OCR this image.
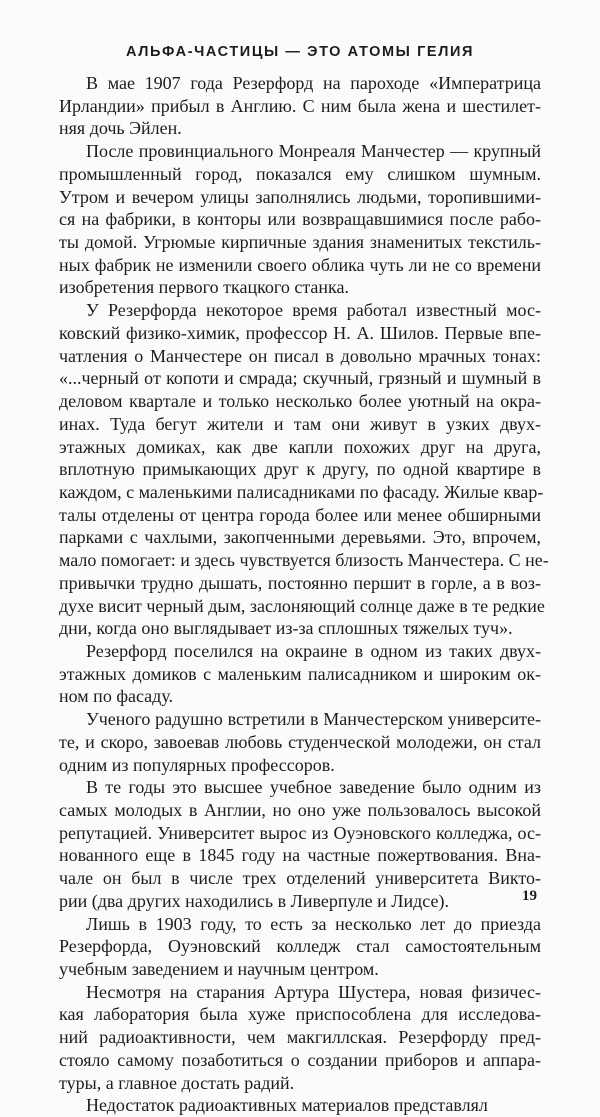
АЛЬФА-ЧАСТИЦЫ — ЭТО АТОМЫ ГЕЛИЯ
В мае 1907 года Резерфорд на пароходе «Императрица
Ирландии» прибыл в Англию. С ним была жена и шестилет-
няя дочь Эйлен.
После провинциального Монреаля Манчестер — крупный
промышленный город, показался ему слишком шумным.
Утром и вечером улицы заполнялись людьми, торопившими-
ся на фабрики, в конторы или возвращавшимися после рабо-
ты домой. Угрюмые кирпичные здания знаменитых текстиль-
ных фабрик не изменили своего облика чуть ли не со времени
изобретения первого ткацкого станка.
У Резерфорда некоторое время работал известный мос-
ковский физико-химик, профессор Н. А. Шилов. Первые впе-
чатления о Манчестере он писал в довольно мрачных тонах:
«...черный от копоти и смрада; скучный, грязный и шумный в
деловом квартале и только несколько более уютный на окра-
инах. Туда бегут жители и там они живут в узких двух-
этажных домиках, как две капли похожих друг на друга,
вплотную примыкающих друг к другу, по одной квартире в
каждом, с маленькими палисадниками по фасаду. Жилые квар-
талы отделены от центра города более или менее обширными
парками с чахлыми, закопченными деревьями. Это, впрочем,
мало помогает: и здесь чувствуется близость Манчестера. С не-
привычки трудно дышать, постоянно першит в горле, а в воз-
духе висит черный дым, заслоняющий солнце даже в те редкие
дни, когда оно выглядывает из-за сплошных тяжелых туч».
Резерфорд поселился на окраине в одном из таких двух-
этажных домиков с маленьким палисадником и широким ок-
ном по фасаду.
Ученого радушно встретили в Манчестерском университе-
те, и скоро, завоевав любовь студенческой молодежи, он стал
одним из популярных профессоров.
В те годы это высшее учебное заведение было одним из
самых молодых в Англии, но оно уже пользовалось высокой
репутацией. Университет вырос из Оуэновского колледжа, ос-
нованного еще в 1845 году на частные пожертвования. Вна-
чале он был в числе трех отделений университета Викто-
рии (два других находились в Ливерпуле и Лидсе).
Лишь в 1903 году, то есть за несколько лет до приезда
Резерфорда, Оуэновский колледж стал самостоятельным
учебным заведением и научным центром.
Несмотря на старания Артура Шустера, новая физичес-
кая лаборатория была хуже приспособлена для исследова-
ний радиоактивности, чем макгиллская. Резерфорду пред-
стояло самому позаботиться о создании приборов и аппара-
туры, а главное достать радий.
Недостаток радиоактивных материалов представлял
19
